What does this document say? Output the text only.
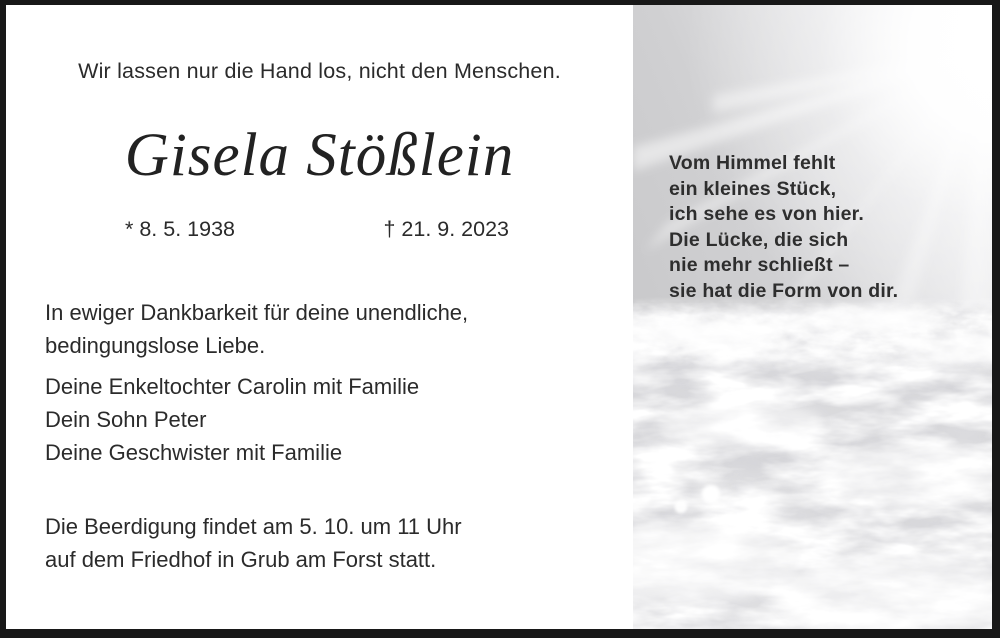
Wir lassen nur die Hand los, nicht den Menschen.
Gisela Stößlein
* 8. 5. 1938	† 21. 9. 2023
In ewiger Dankbarkeit für deine unendliche,
bedingungslose Liebe.
Deine Enkeltochter Carolin mit Familie
Dein Sohn Peter
Deine Geschwister mit Familie
Die Beerdigung findet am 5. 10. um 11 Uhr
auf dem Friedhof in Grub am Forst statt.
Vom Himmel fehlt
ein kleines Stück,
ich sehe es von hier.
Die Lücke, die sich
nie mehr schließt –
sie hat die Form von dir.
